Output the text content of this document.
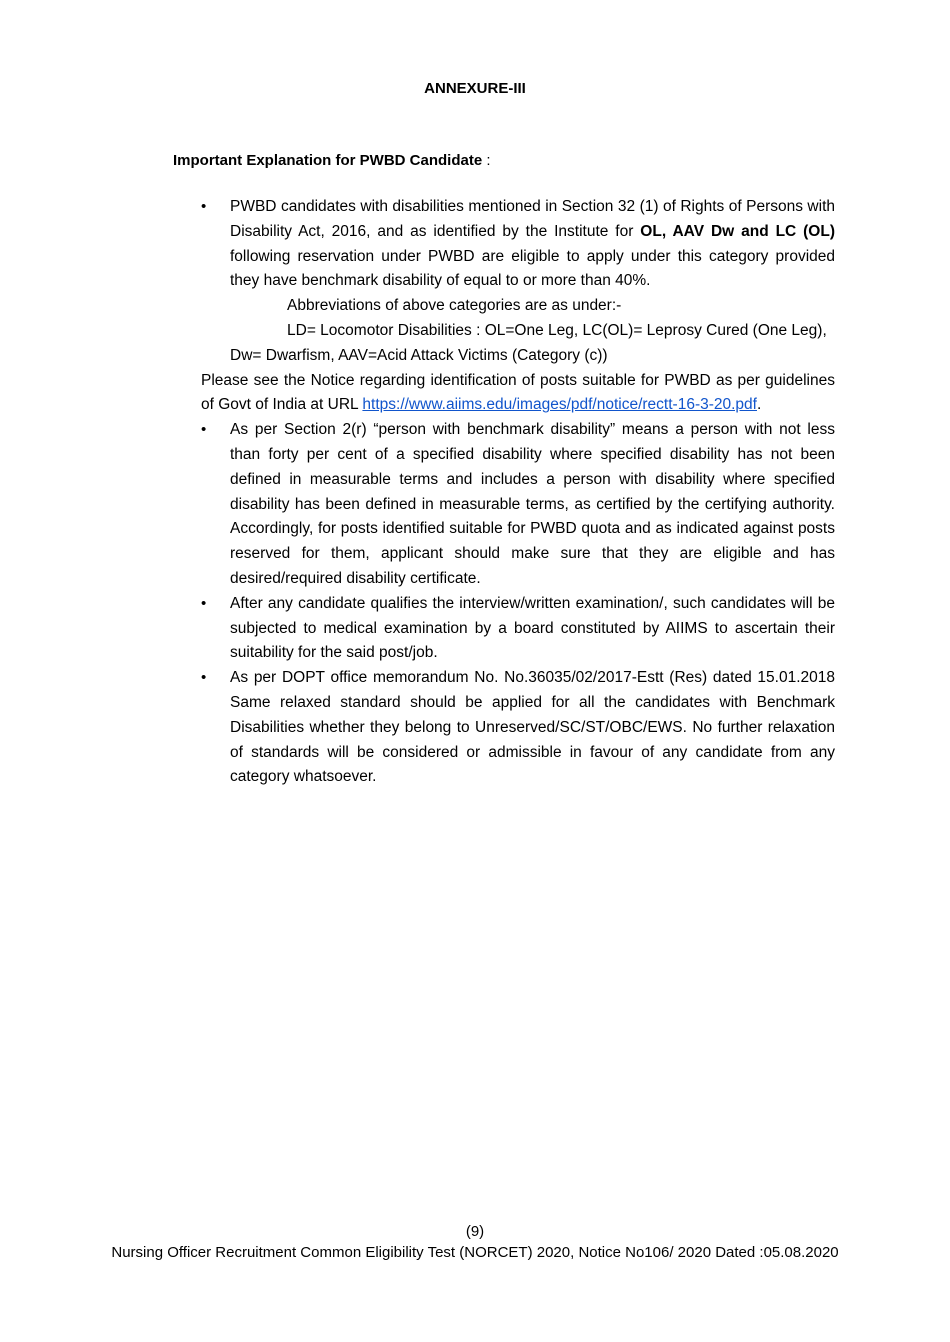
ANNEXURE-III
Important Explanation for PWBD Candidate :
•	PWBD candidates with disabilities mentioned in Section 32 (1) of Rights of Persons with Disability Act, 2016, and as identified by the Institute for OL, AAV Dw and LC (OL) following reservation under PWBD are eligible to apply under this category provided they have benchmark disability of equal to or more than 40%.
Abbreviations of above categories are as under:-
LD= Locomotor Disabilities : OL=One Leg, LC(OL)= Leprosy Cured (One Leg),
Dw= Dwarfism, AAV=Acid Attack Victims (Category (c))
Please see the Notice regarding identification of posts suitable for PWBD as per guidelines of Govt of India at URL https://www.aiims.edu/images/pdf/notice/rectt-16-3-20.pdf.
•	As per Section 2(r) “person with benchmark disability” means a person with not less than forty per cent of a specified disability where specified disability has not been defined in measurable terms and includes a person with disability where specified disability has been defined in measurable terms, as certified by the certifying authority. Accordingly, for posts identified suitable for PWBD quota and as indicated against posts reserved for them, applicant should make sure that they are eligible and has desired/required disability certificate.
•	After any candidate qualifies the interview/written examination/, such candidates will be subjected to medical examination by a board constituted by AIIMS to ascertain their suitability for the said post/job.
•	As per DOPT office memorandum No. No.36035/02/2017-Estt (Res) dated 15.01.2018 Same relaxed standard should be applied for all the candidates with Benchmark Disabilities whether they belong to Unreserved/SC/ST/OBC/EWS. No further relaxation of standards will be considered or admissible in favour of any candidate from any category whatsoever.
(9)
Nursing Officer Recruitment Common Eligibility Test (NORCET) 2020, Notice No106/ 2020 Dated :05.08.2020
